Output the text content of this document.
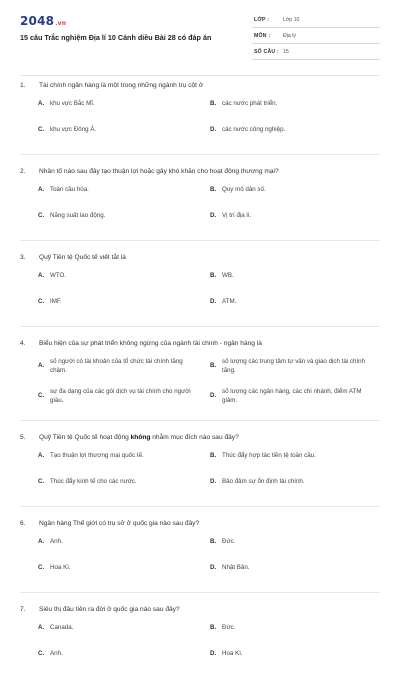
2048.vn
15 câu Trắc nghiệm Địa lí 10 Cánh diều Bài 28 có đáp án
LỚP :	Lớp 10
MÔN : Địa lý
SỐ CÂU : 15
1.	Tài chính ngân hàng là một trong những ngành trụ cột ở
A. khu vực Bắc Mĩ.	B. các nước phát triển.
C. khu vực Đông Á.	D. các nước công nghiệp.
2.	Nhân tố nào sau đây tạo thuận lợi hoặc gây khó khăn cho hoạt động thương mại?
A. Toàn cầu hóa.	B. Quy mô dân số.
C. Năng suất lao động.	D. Vị trí địa lí.
3.	Quỹ Tiền tệ Quốc tế viết tắt là
A. WTO.	B. WB.
C. IMF.	D. ATM.
4.	Biểu hiện của sự phát triển không ngừng của ngành tài chính - ngân hàng là
A.
số người có tài khoản của tổ chức tài chính tăng chậm.
B.
số lượng các trung tâm tư vấn và giao dịch tài chính tăng.
C.
sự đa dạng của các gói dịch vụ tài chính cho người giàu.
D.
số lượng các ngân hàng, các chi nhánh, điểm ATM giảm.
5.	Quỹ Tiền tệ Quốc tế hoạt động không nhằm mục đích nào sau đây?
A. Tạo thuận lợi thương mại quốc tế.	B. Thúc đẩy hợp tác tiền tệ toàn cầu.
C. Thúc đẩy kinh tế cho các nước.	D. Bảo đảm sự ổn định tài chính.
6.	Ngân hàng Thế giới có trụ sở ở quốc gia nào sau đây?
A. Anh.	B. Đức.
C. Hoa Kì.	D. Nhật Bản.
7.	Siêu thị đầu tiên ra đời ở quốc gia nào sau đây?
A. Canada.	B. Đức.
C. Anh.	D. Hoa Kì.
